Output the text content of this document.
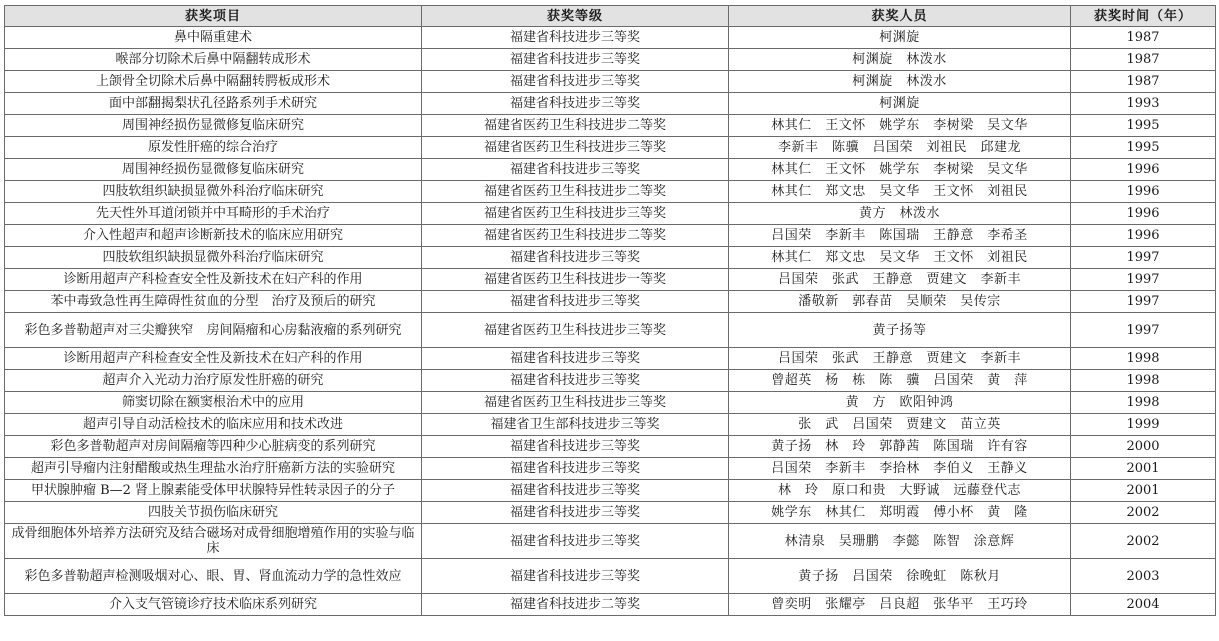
获奖项目	获奖等级	获奖人员	获奖时间（年）
鼻中隔重建术	福建省科技进步三等奖	柯渊旋	1987
喉部分切除术后鼻中隔翻转成形术	福建省科技进步三等奖	柯渊旋　林泼水	1987
上颌骨全切除术后鼻中隔翻转腭板成形术	福建省科技进步三等奖	柯渊旋　林泼水	1987
面中部翻揭梨状孔径路系列手术研究	福建省科技进步三等奖	柯渊旋	1993
周围神经损伤显微修复临床研究	福建省医药卫生科技进步二等奖	林其仁　王文怀　姚学东　李树梁　吴文华	1995
原发性肝癌的综合治疗	福建省医药卫生科技进步三等奖	李新丰　陈骥　吕国荣　刘祖民　邱建龙	1995
周围神经损伤显微修复临床研究	福建省科技进步三等奖	林其仁　王文怀　姚学东　李树梁　吴文华	1996
四肢软组织缺损显微外科治疗临床研究	福建省医药卫生科技进步二等奖	林其仁　郑文忠　吴文华　王文怀　刘祖民	1996
先天性外耳道闭锁并中耳畸形的手术治疗	福建省医药卫生科技进步三等奖	黄方　林泼水	1996
介入性超声和超声诊断新技术的临床应用研究	福建省医药卫生科技进步二等奖	吕国荣　李新丰　陈国瑞　王静意　李希圣	1996
四肢软组织缺损显微外科治疗临床研究	福建省科技进步三等奖	林其仁　郑文忠　吴文华　王文怀　刘祖民	1997
诊断用超声产科检查安全性及新技术在妇产科的作用	福建省医药卫生科技进步一等奖	吕国荣　张武　王静意　贾建文　李新丰	1997
苯中毒致急性再生障碍性贫血的分型　治疗及预后的研究	福建省科技进步三等奖	潘敬新　郭春苗　吴顺荣　吴传宗	1997
彩色多普勒超声对三尖瓣狭窄　房间隔瘤和心房黏液瘤的系列研究	福建省医药卫生科技进步三等奖	黄子扬等	1997
诊断用超声产科检查安全性及新技术在妇产科的作用	福建省科技进步三等奖	吕国荣　张武　王静意　贾建文　李新丰	1998
超声介入光动力治疗原发性肝癌的研究	福建省科技进步三等奖	曾超英　杨　栋　陈　骥　吕国荣　黄　萍	1998
筛窦切除在额窦根治术中的应用	福建省医药卫生科技进步三等奖	黄　方　欧阳钟鸿	1998
超声引导自动活检技术的临床应用和技术改进	福建省卫生部科技进步三等奖	张　武　吕国荣　贾建文　苗立英	1999
彩色多普勒超声对房间隔瘤等四种少心脏病变的系列研究	福建省科技进步三等奖	黄子扬　林　玲　郭静茜　陈国瑞　许有容	2000
超声引导瘤内注射醋酸或热生理盐水治疗肝癌新方法的实验研究	福建省科技进步三等奖	吕国荣　李新丰　李拾林　李伯义　王静义	2001
甲状腺肿瘤 B—2 肾上腺素能受体甲状腺特异性转录因子的分子	福建省科技进步三等奖	林　玲　原口和贵　大野诚　远藤登代志	2001
四肢关节损伤临床研究	福建省科技进步三等奖	姚学东　林其仁　郑明霞　傅小杯　黄　隆	2002
成骨细胞体外培养方法研究及结合磁场对成骨细胞增殖作用的实验与临床	福建省科技进步三等奖	林清泉　吴珊鹏　李懿　陈智　涂意辉	2002
彩色多普勒超声检测吸烟对心、眼、胃、肾血流动力学的急性效应	福建省科技进步三等奖	黄子扬　吕国荣　徐晚虹　陈秋月	2003
介入支气管镜诊疗技术临床系列研究	福建省科技进步二等奖	曾奕明　张耀亭　吕良超　张华平　王巧玲	2004
